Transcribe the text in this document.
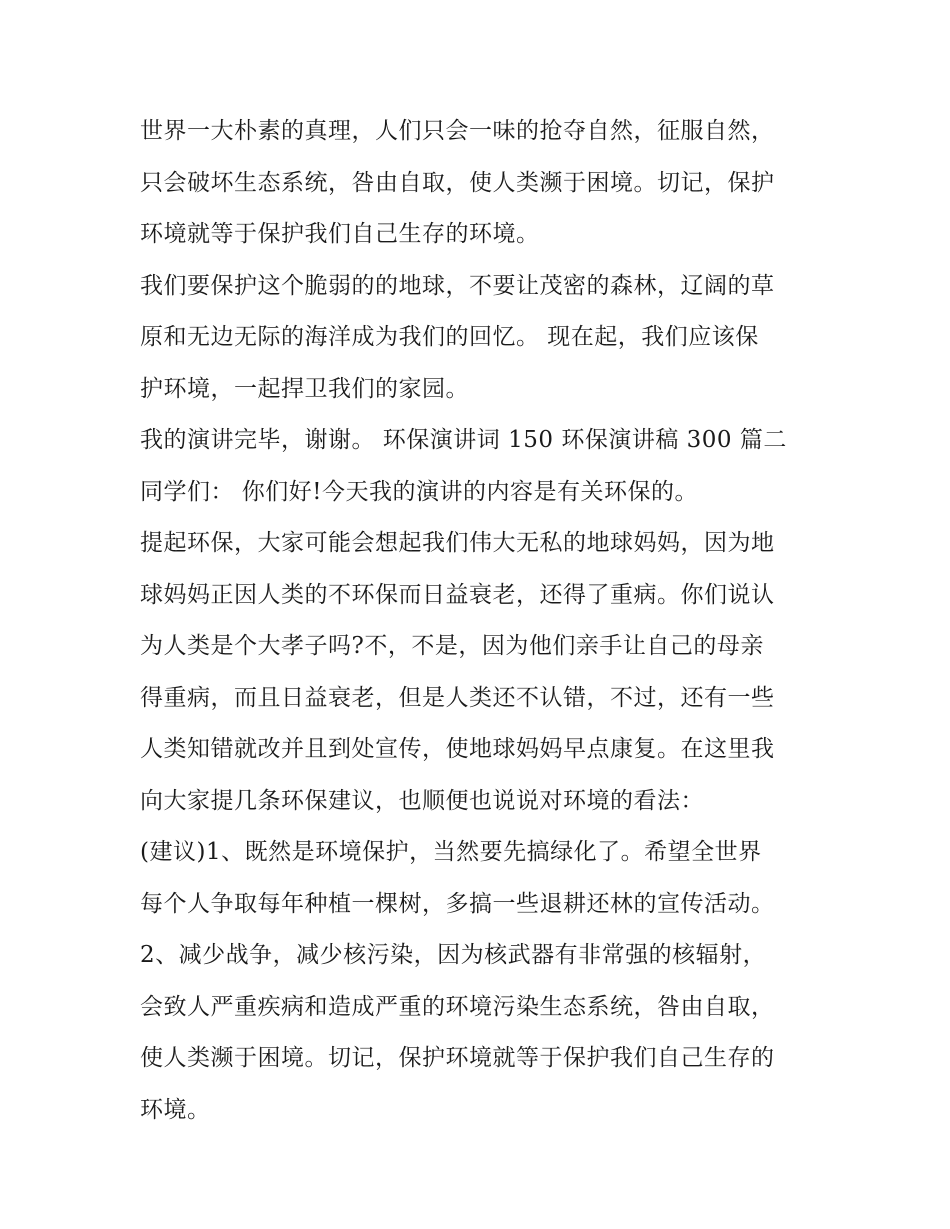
世界一大朴素的真理，人们只会一味的抢夺自然，征服自然，
只会破坏生态系统，咎由自取，使人类濒于困境。切记，保护
环境就等于保护我们自己生存的环境。
我们要保护这个脆弱的的地球，不要让茂密的森林，辽阔的草
原和无边无际的海洋成为我们的回忆。 现在起，我们应该保
护环境，一起捍卫我们的家园。
我的演讲完毕，谢谢。 环保演讲词 150 环保演讲稿 300 篇二
同学们： 你们好!今天我的演讲的内容是有关环保的。
提起环保，大家可能会想起我们伟大无私的地球妈妈，因为地
球妈妈正因人类的不环保而日益衰老，还得了重病。你们说认
为人类是个大孝子吗?不，不是，因为他们亲手让自己的母亲
得重病，而且日益衰老，但是人类还不认错，不过，还有一些
人类知错就改并且到处宣传，使地球妈妈早点康复。在这里我
向大家提几条环保建议，也顺便也说说对环境的看法：
(建议)1、既然是环境保护，当然要先搞绿化了。希望全世界
每个人争取每年种植一棵树，多搞一些退耕还林的宣传活动。
2、减少战争，减少核污染，因为核武器有非常强的核辐射，
会致人严重疾病和造成严重的环境污染生态系统，咎由自取，
使人类濒于困境。切记，保护环境就等于保护我们自己生存的
环境。
